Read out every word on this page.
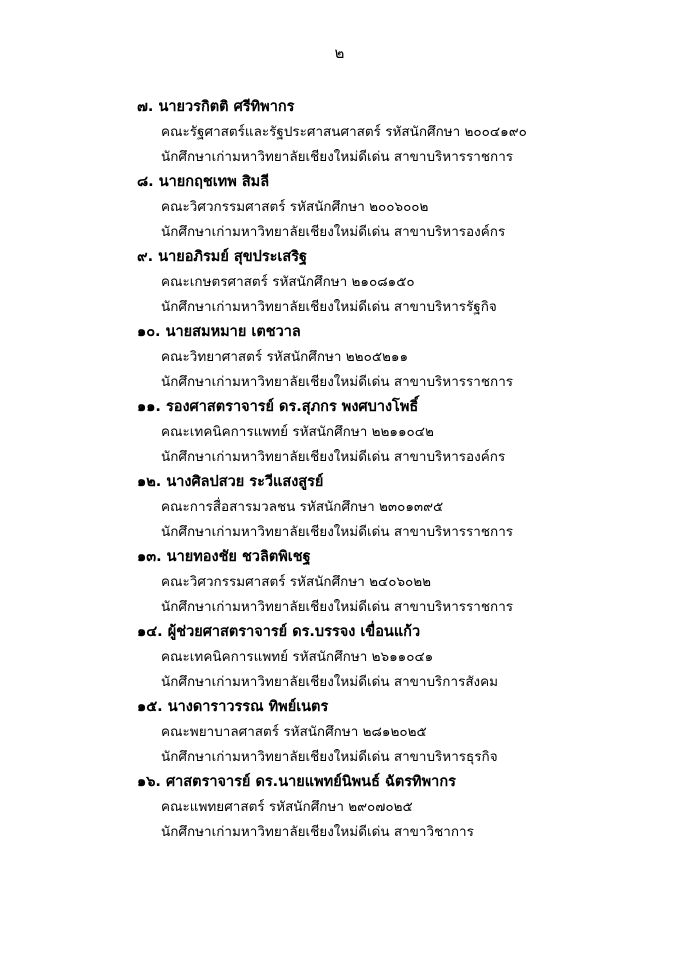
๒
๗. นายวรกิตติ ศรีทิพากร
คณะรัฐศาสตร์และรัฐประศาสนศาสตร์ รหัสนักศึกษา ๒๐๐๔๑๙๐
นักศึกษาเก่ามหาวิทยาลัยเชียงใหม่ดีเด่น สาขาบริหารราชการ
๘. นายกฤชเทพ สิมลี
คณะวิศวกรรมศาสตร์ รหัสนักศึกษา ๒๐๐๖๐๐๒
นักศึกษาเก่ามหาวิทยาลัยเชียงใหม่ดีเด่น สาขาบริหารองค์กร
๙. นายอภิรมย์ สุขประเสริฐ
คณะเกษตรศาสตร์ รหัสนักศึกษา ๒๑๐๘๑๕๐
นักศึกษาเก่ามหาวิทยาลัยเชียงใหม่ดีเด่น สาขาบริหารรัฐกิจ
๑๐. นายสมหมาย เตชวาล
คณะวิทยาศาสตร์ รหัสนักศึกษา ๒๒๐๕๒๑๑
นักศึกษาเก่ามหาวิทยาลัยเชียงใหม่ดีเด่น สาขาบริหารราชการ
๑๑. รองศาสตราจารย์ ดร.สุภกร พงศบางโพธิ์
คณะเทคนิคการแพทย์ รหัสนักศึกษา ๒๒๑๑๐๔๒
นักศึกษาเก่ามหาวิทยาลัยเชียงใหม่ดีเด่น สาขาบริหารองค์กร
๑๒. นางศิลปสวย ระวีแสงสูรย์
คณะการสื่อสารมวลชน รหัสนักศึกษา ๒๓๐๑๓๙๕
นักศึกษาเก่ามหาวิทยาลัยเชียงใหม่ดีเด่น สาขาบริหารราชการ
๑๓. นายทองชัย ชวลิตพิเชฐ
คณะวิศวกรรมศาสตร์ รหัสนักศึกษา ๒๔๐๖๐๒๒
นักศึกษาเก่ามหาวิทยาลัยเชียงใหม่ดีเด่น สาขาบริหารราชการ
๑๔. ผู้ช่วยศาสตราจารย์ ดร.บรรจง เขื่อนแก้ว
คณะเทคนิคการแพทย์ รหัสนักศึกษา ๒๖๑๑๐๔๑
นักศึกษาเก่ามหาวิทยาลัยเชียงใหม่ดีเด่น สาขาบริการสังคม
๑๕. นางดาราวรรณ ทิพย์เนตร
คณะพยาบาลศาสตร์ รหัสนักศึกษา ๒๘๑๒๐๒๕
นักศึกษาเก่ามหาวิทยาลัยเชียงใหม่ดีเด่น สาขาบริหารธุรกิจ
๑๖. ศาสตราจารย์ ดร.นายแพทย์นิพนธ์ ฉัตรทิพากร
คณะแพทยศาสตร์ รหัสนักศึกษา ๒๙๐๗๐๒๕
นักศึกษาเก่ามหาวิทยาลัยเชียงใหม่ดีเด่น สาขาวิชาการ
